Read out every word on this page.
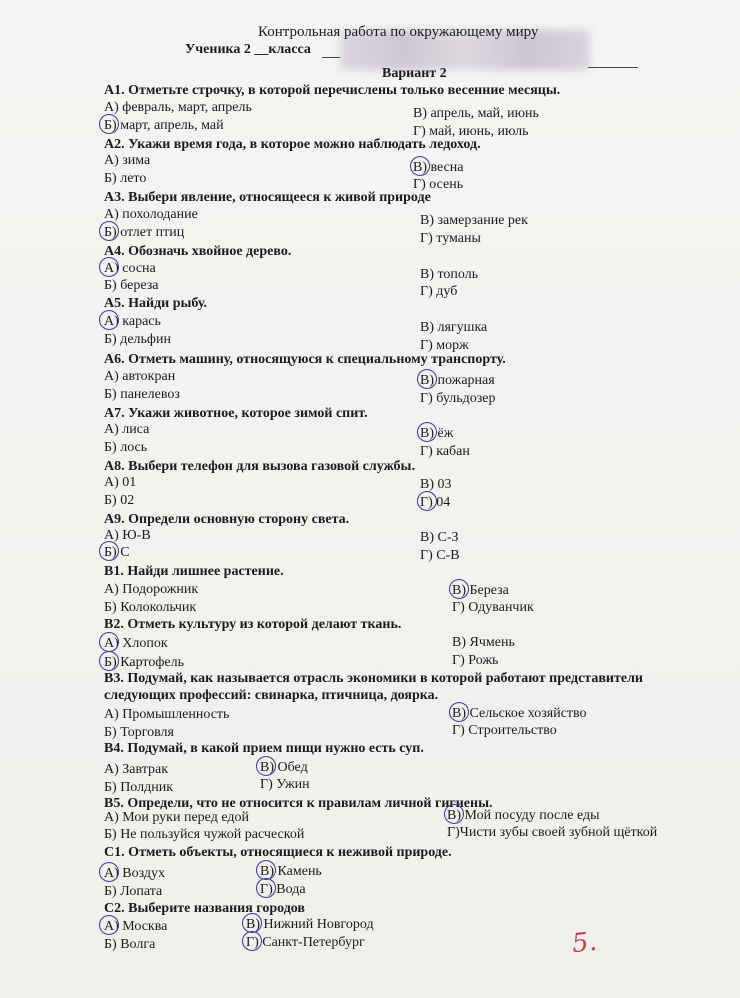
Контрольная работа по окружающему миру
Ученика 2 __класса
Вариант 2
А1. Отметьте строчку, в которой перечислены только весенние месяцы.
А) февраль, март, апрель
Б) март, апрель, май
В) апрель, май, июнь
Г) май, июнь, июль
А2. Укажи время года, в которое можно наблюдать ледоход.
А) зима
Б) лето
В) весна
Г) осень
А3. Выбери явление, относящееся к живой природе
А) похолодание
Б) отлет птиц
В) замерзание рек
Г) туманы
А4. Обозначь хвойное дерево.
А) сосна
Б) береза
В) тополь
Г) дуб
А5. Найди рыбу.
А) карась
Б) дельфин
В) лягушка
Г) морж
А6. Отметь машину, относящуюся к специальному транспорту.
А) автокран
Б) панелевоз
В) пожарная
Г) бульдозер
А7. Укажи животное, которое зимой спит.
А) лиса
Б) лось
В) ёж
Г) кабан
А8. Выбери телефон для вызова газовой службы.
А) 01
Б) 02
В) 03
Г) 04
А9. Определи основную сторону света.
А) Ю-В
Б) С
В) С-З
Г) С-В
В1. Найди лишнее растение.
А) Подорожник
Б) Колокольчик
В) Береза
Г) Одуванчик
В2. Отметь культуру из которой делают ткань.
А) Хлопок
Б) Картофель
В) Ячмень
Г) Рожь
В3. Подумай, как называется отрасль экономики в которой работают представители
следующих профессий: свинарка, птичница, доярка.
А) Промышленность
Б) Торговля
В) Сельское хозяйство
Г) Строительство
В4. Подумай, в какой прием пищи нужно есть суп.
А) Завтрак
Б) Полдник
В) Обед
Г) Ужин
В5. Определи, что не относится к правилам личной гигиены.
А) Мои руки перед едой
Б) Не пользуйся чужой расческой
В) Мой посуду после еды
Г)Чисти зубы своей зубной щёткой
С1. Отметь объекты, относящиеся к неживой природе.
А) Воздух
Б) Лопата
В) Камень
Г) Вода
С2. Выберите названия городов
А) Москва
Б) Волга
В) Нижний Новгород
Г) Санкт-Петербург	5.
